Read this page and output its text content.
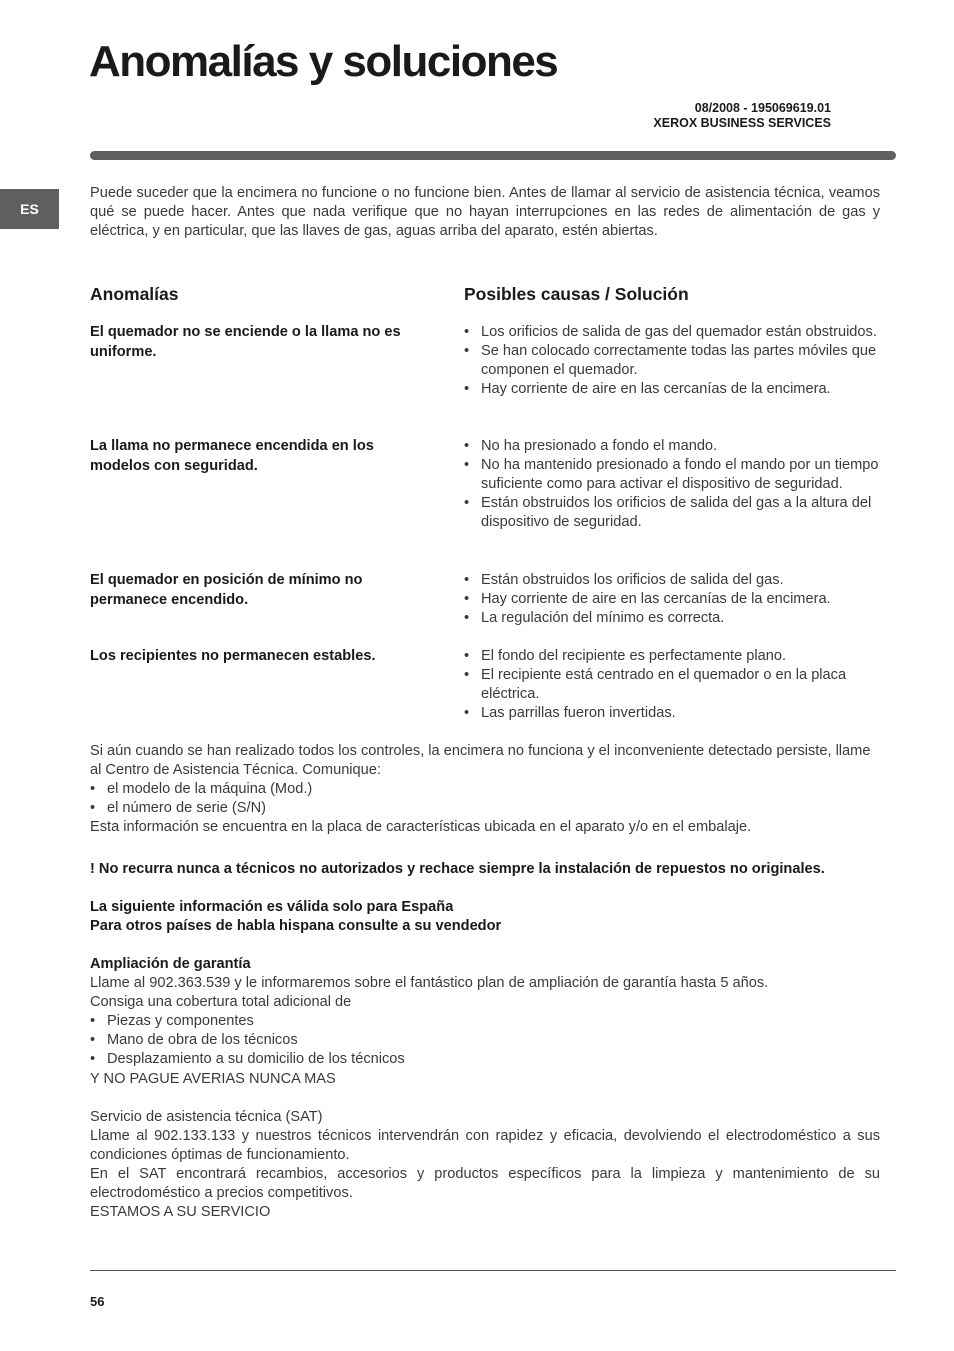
Anomalías y soluciones
08/2008 - 195069619.01
XEROX BUSINESS SERVICES
ES
Puede suceder que la encimera no funcione o no funcione bien. Antes de llamar al servicio de asistencia técnica, veamos qué se puede hacer. Antes que nada verifique que no hayan interrupciones en las redes de alimentación de gas y eléctrica, y en particular, que las llaves de gas, aguas arriba del aparato, estén abiertas.
Anomalías	Posibles causas / Solución
El quemador no se enciende o la llama no es uniforme.
• Los orificios de salida de gas del quemador están obstruidos.
• Se han colocado correctamente todas las partes móviles que componen el quemador.
• Hay corriente de aire en las cercanías de la encimera.
La llama no permanece encendida en los modelos con seguridad.
• No ha presionado a fondo el mando.
• No ha mantenido presionado a fondo el mando por un tiempo suficiente como para activar el dispositivo de seguridad.
• Están obstruidos los orificios de salida del gas a la altura del dispositivo de seguridad.
El quemador en posición de mínimo no permanece encendido.
• Están obstruidos los orificios de salida del gas.
• Hay corriente de aire en las cercanías de la encimera.
• La regulación del mínimo es correcta.
Los recipientes no permanecen estables.
•	El fondo del recipiente es perfectamente plano.
• El recipiente está centrado en el quemador o en la placa eléctrica.
• Las parrillas fueron invertidas.
Si aún cuando se han realizado todos los controles, la encimera no funciona y el inconveniente detectado persiste, llame al Centro de Asistencia Técnica. Comunique:
• el modelo de la máquina (Mod.)
• el número de serie (S/N)
Esta información se encuentra en la placa de características ubicada en el aparato y/o en el embalaje.
! No recurra nunca a técnicos no autorizados y rechace siempre la instalación de repuestos no originales.
La siguiente información es válida solo para España
Para otros países de habla hispana consulte a su vendedor
Ampliación de garantía
Llame al 902.363.539 y le informaremos sobre el fantástico plan de ampliación de garantía hasta 5 años.
Consiga una cobertura total adicional de
• Piezas y componentes
• Mano de obra de los técnicos
• Desplazamiento a su domicilio de los técnicos
Y NO PAGUE AVERIAS NUNCA MAS
Servicio de asistencia técnica (SAT)
Llame al 902.133.133 y nuestros técnicos intervendrán con rapidez y eficacia, devolviendo el electrodoméstico a sus condiciones óptimas de funcionamiento.
En el SAT encontrará recambios, accesorios y productos específicos para la limpieza y mantenimiento de su electrodoméstico a precios competitivos.
ESTAMOS A SU SERVICIO
56
